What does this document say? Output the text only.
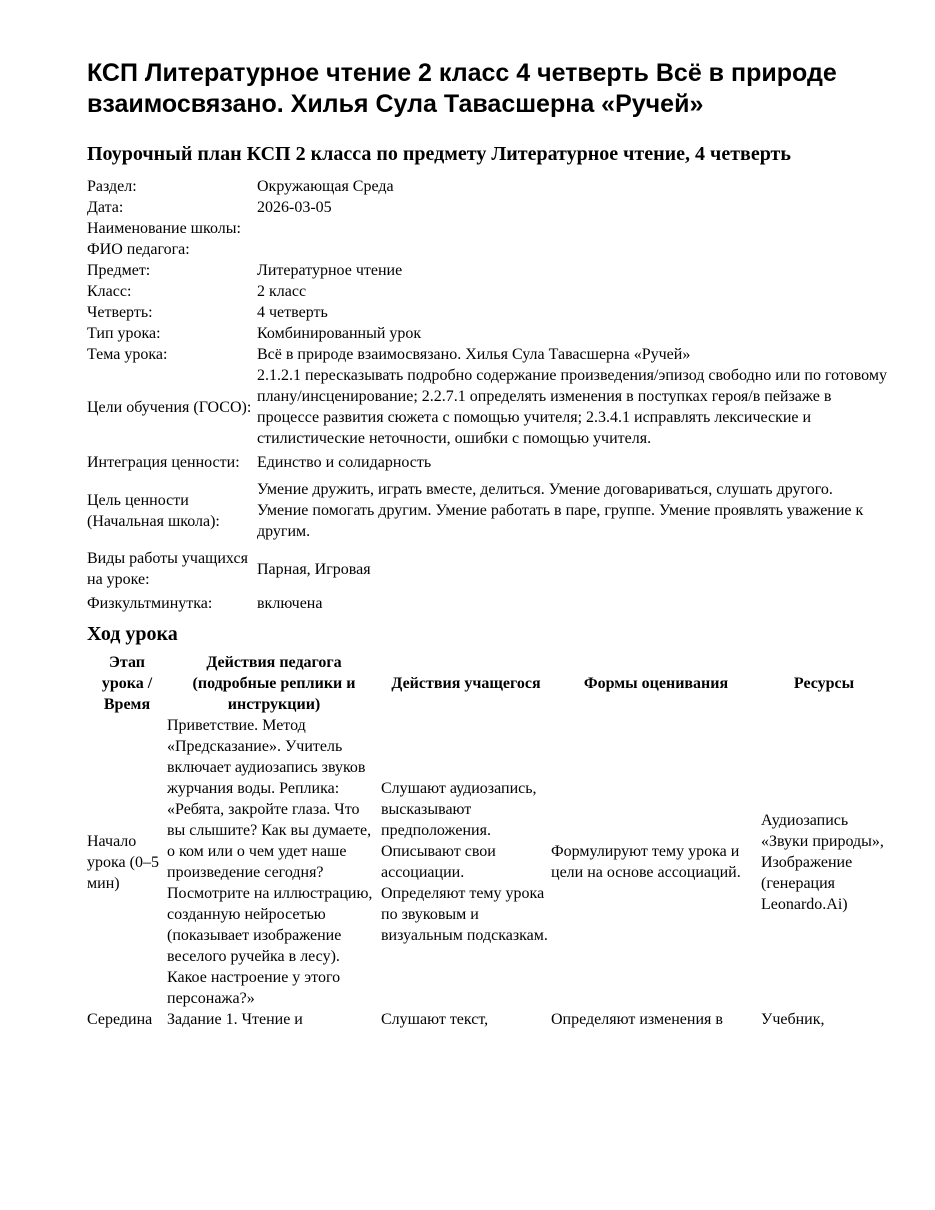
КСП Литературное чтение 2 класс 4 четверть Всё в природе взаимосвязано. Хилья Сула Тавасшерна «Ручей»
Поурочный план КСП 2 класса по предмету Литературное чтение, 4 четверть
Раздел:	Окружающая Среда
Дата:	2026-03-05
Наименование школы:	
ФИО педагога:	
Предмет:	Литературное чтение
Класс:	2 класс
Четверть:	4 четверть
Тип урока:	Комбинированный урок
Тема урока:	Всё в природе взаимосвязано. Хилья Сула Тавасшерна «Ручей»
Цели обучения (ГОСО):	2.1.2.1 пересказывать подробно содержание произведения/эпизод свободно или по готовому плану/инсценирование; 2.2.7.1 определять изменения в поступках героя/в пейзаже в процессе развития сюжета с помощью учителя; 2.3.4.1 исправлять лексические и стилистические неточности, ошибки с помощью учителя.
Интеграция ценности:	Единство и солидарность
Цель ценности (Начальная школа):	Умение дружить, играть вместе, делиться. Умение договариваться, слушать другого. Умение помогать другим. Умение работать в паре, группе. Умение проявлять уважение к другим.
Виды работы учащихся на уроке:	Парная, Игровая
Физкультминутка:	включена
Ход урока
Этап урока / Время	Действия педагога (подробные реплики и инструкции)	Действия учащегося	Формы оценивания	Ресурсы
Начало урока (0–5 мин)	Приветствие. Метод «Предсказание». Учитель включает аудиозапись звуков журчания воды. Реплика: «Ребята, закройте глаза. Что вы слышите? Как вы думаете, о ком или о чем удет наше произведение сегодня? Посмотрите на иллюстрацию, созданную нейросетью (показывает изображение веселого ручейка в лесу). Какое настроение у этого персонажа?»	Слушают аудиозапись, высказывают предположения. Описывают свои ассоциации. Определяют тему урока по звуковым и визуальным подсказкам.	Формулируют тему урока и цели на основе ассоциаций.	Аудиозапись «Звуки природы», Изображение (генерация Leonardo.Ai)
Середина	Задание 1. Чтение и	Слушают текст,	Определяют изменения в	Учебник,
